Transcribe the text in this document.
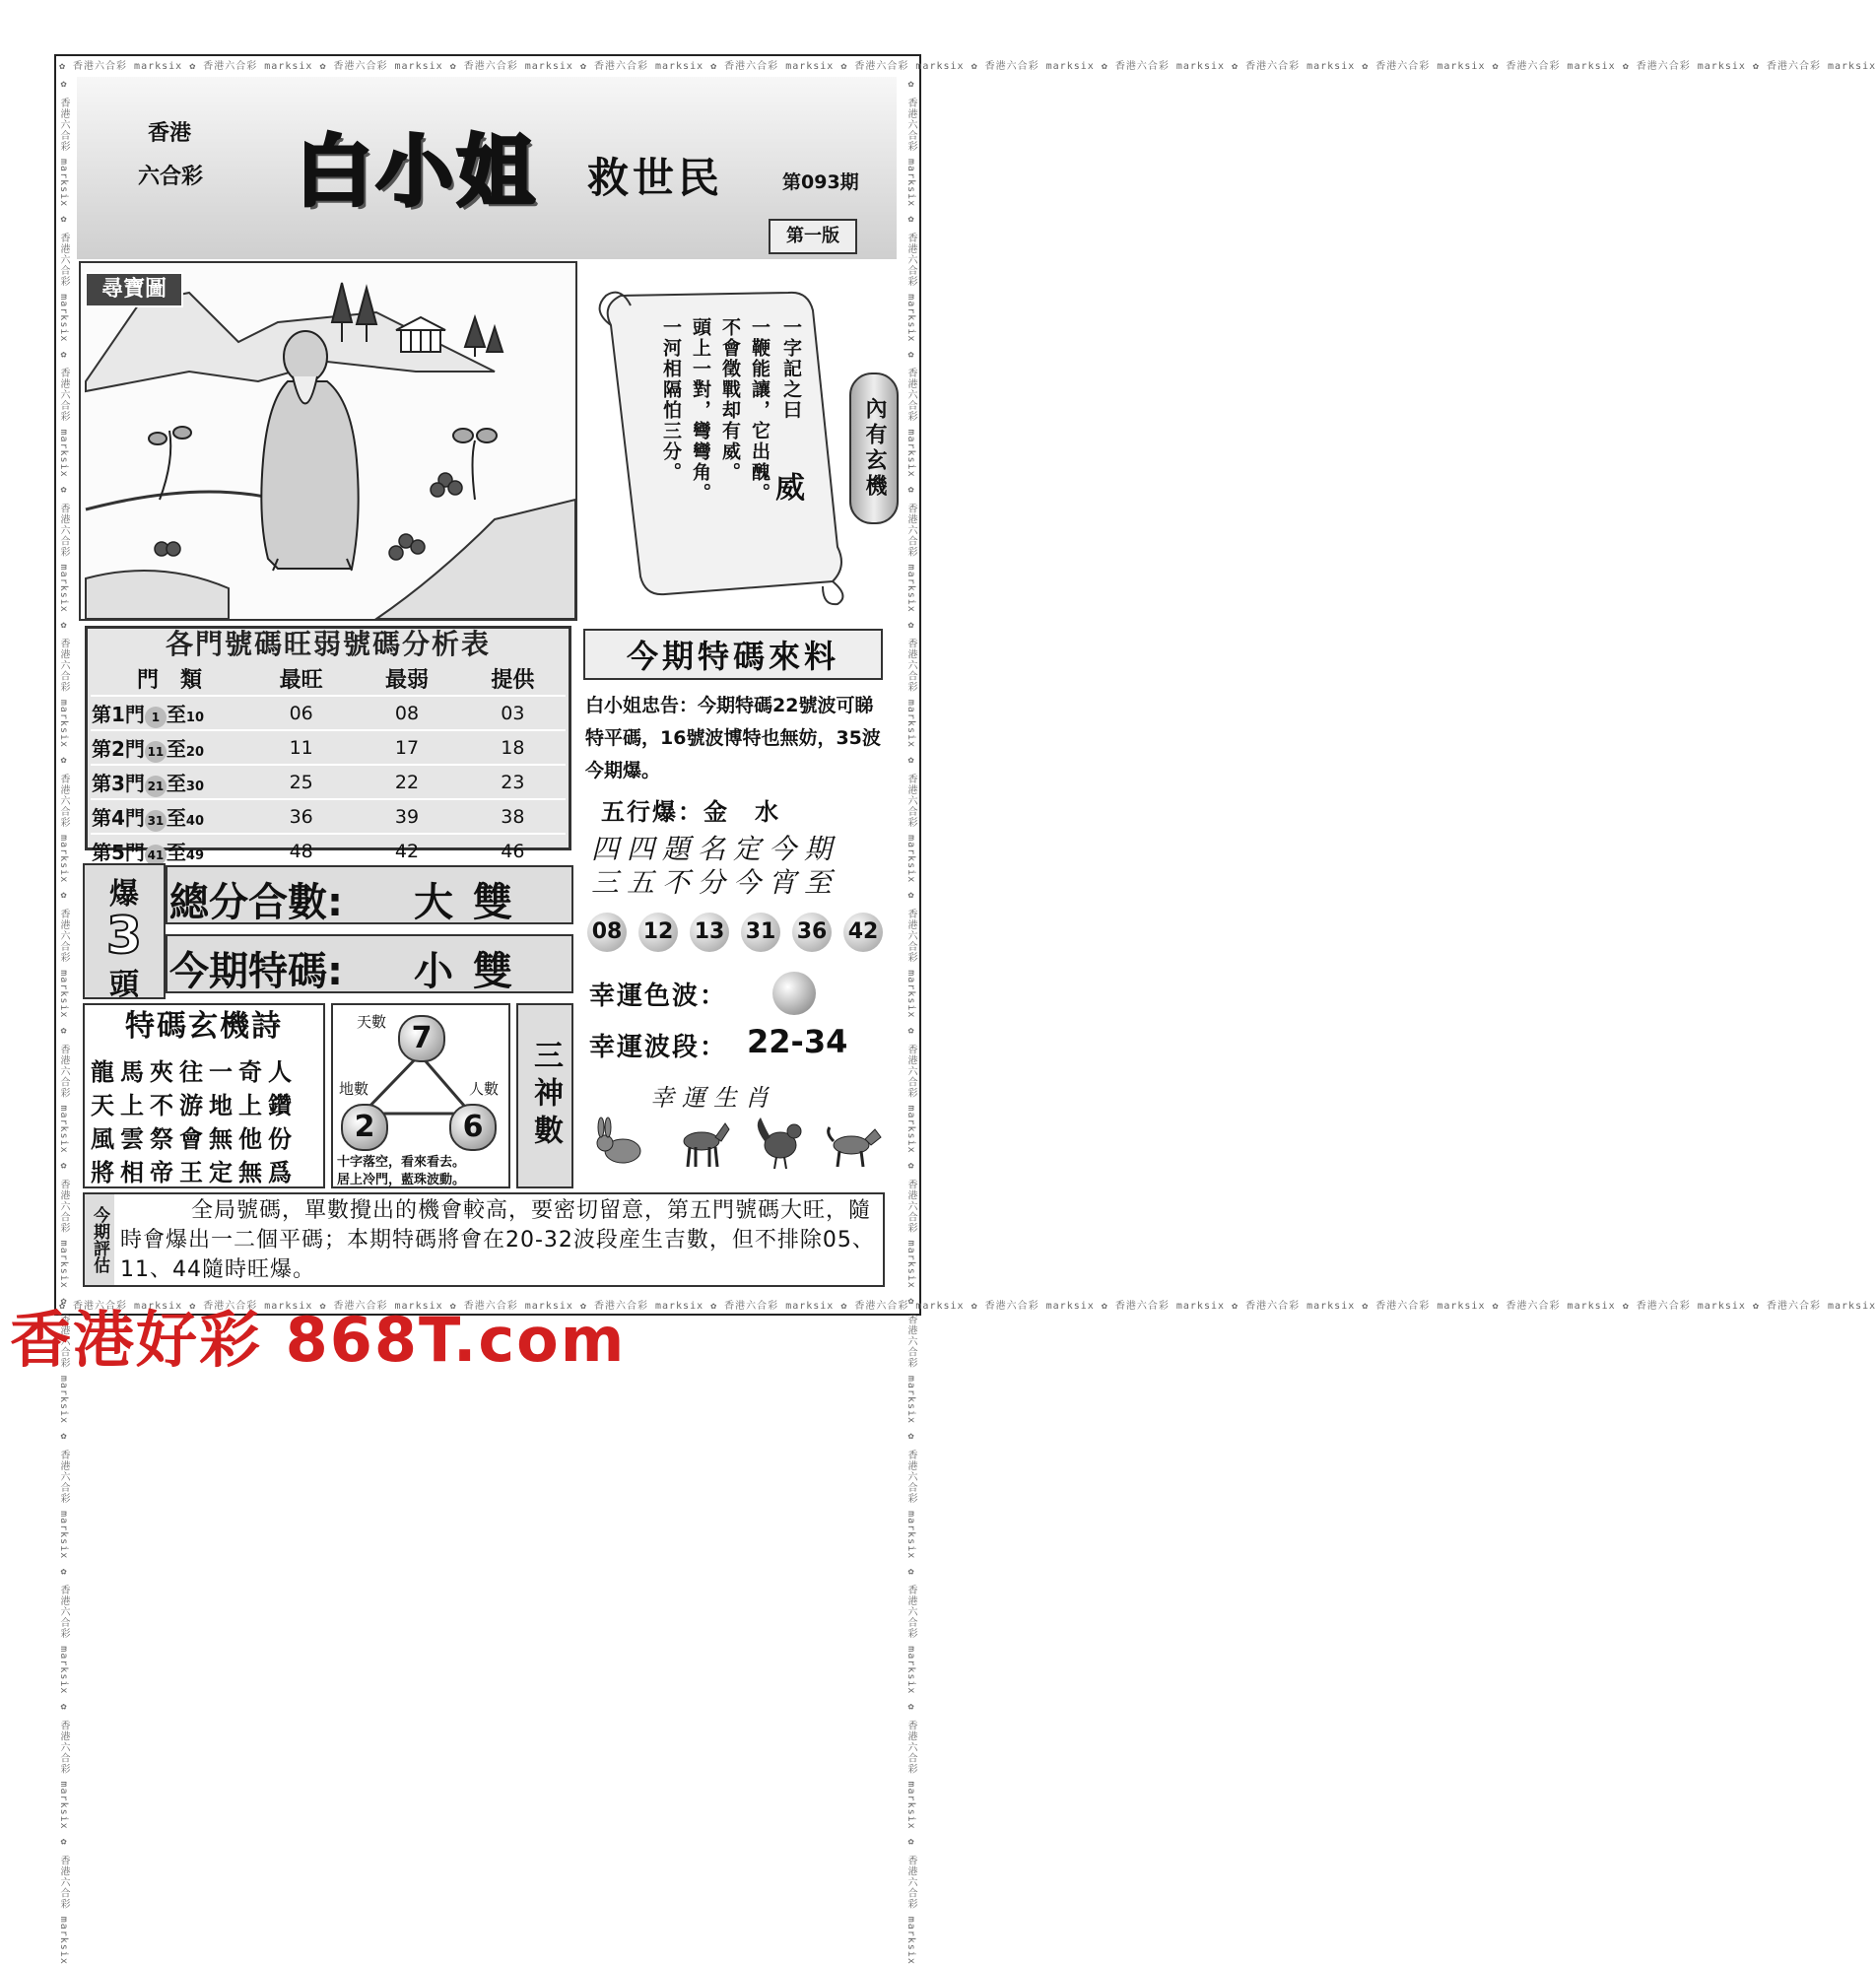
✿ 香港六合彩 marksix ✿ 香港六合彩 marksix ✿ 香港六合彩 marksix ✿ 香港六合彩 marksix ✿ 香港六合彩 marksix ✿ 香港六合彩 marksix ✿ 香港六合彩 marksix ✿ 香港六合彩 marksix ✿ 香港六合彩 marksix ✿ 香港六合彩 marksix ✿ 香港六合彩 marksix ✿ 香港六合彩 marksix ✿ 香港六合彩 marksix ✿ 香港六合彩 marksix
✿ 香港六合彩 marksix ✿ 香港六合彩 marksix ✿ 香港六合彩 marksix ✿ 香港六合彩 marksix ✿ 香港六合彩 marksix ✿ 香港六合彩 marksix ✿ 香港六合彩 marksix ✿ 香港六合彩 marksix ✿ 香港六合彩 marksix ✿ 香港六合彩 marksix ✿ 香港六合彩 marksix ✿ 香港六合彩 marksix ✿ 香港六合彩 marksix ✿ 香港六合彩 marksix
✿ 香港六合彩 marksix ✿ 香港六合彩 marksix ✿ 香港六合彩 marksix ✿ 香港六合彩 marksix ✿ 香港六合彩 marksix ✿ 香港六合彩 marksix ✿ 香港六合彩 marksix ✿ 香港六合彩 marksix ✿ 香港六合彩 marksix ✿ 香港六合彩 marksix ✿ 香港六合彩 marksix ✿ 香港六合彩 marksix ✿ 香港六合彩 marksix ✿ 香港六合彩 marksix	✿ 香港六合彩 marksix ✿ 香港六合彩 marksix ✿ 香港六合彩 marksix ✿ 香港六合彩 marksix ✿ 香港六合彩 marksix ✿ 香港六合彩 marksix ✿ 香港六合彩 marksix ✿ 香港六合彩 marksix ✿ 香港六合彩 marksix ✿ 香港六合彩 marksix ✿ 香港六合彩 marksix ✿ 香港六合彩 marksix ✿ 香港六合彩 marksix ✿ 香港六合彩 marksix
香港
六合彩 白小姐 救世民	第093期
第一版
尋寶圖
一字記之曰
一鞭能讓，它出醜。
不會徵戰却有威。
頭上一對，彎彎角。
一河相隔怕三分。
威	內有玄機
各門號碼旺弱號碼分析表
門　類	最旺	最弱	提供
第1門 1 至10	06	08	03
第2門 11 至20	11	17	18
第3門 21 至30	25	22	23
第4門 31 至40	36	39	38
第5門 41 至49	48	42	46
爆
3
頭
總分合數: 大雙
今期特碼: 小雙
特碼玄機詩
龍馬夾往一奇人
天上不游地上鑽
風雲祭會無他份
將相帝王定無爲
天數 7
地數
2
人數
6
十字落空，看來看去。
居上冷門，藍珠波動。
三神數
今期特碼來料
白小姐忠告：今期特碼22號波可睇特平碼，16號波博特也無妨，35波今期爆。
五行爆：金　水
四四題名定今期
三五不分今宵至
08 12 13 31 36 42
幸運色波：
幸運波段： 22-34
幸運生肖
今期評估	全局號碼，單數攪出的機會較高，要密切留意，第五門號碼大旺，隨時會爆出一二個平碼；本期特碼將會在20-32波段産生吉數，但不排除05、11、44隨時旺爆。
香港好彩 868T.com
